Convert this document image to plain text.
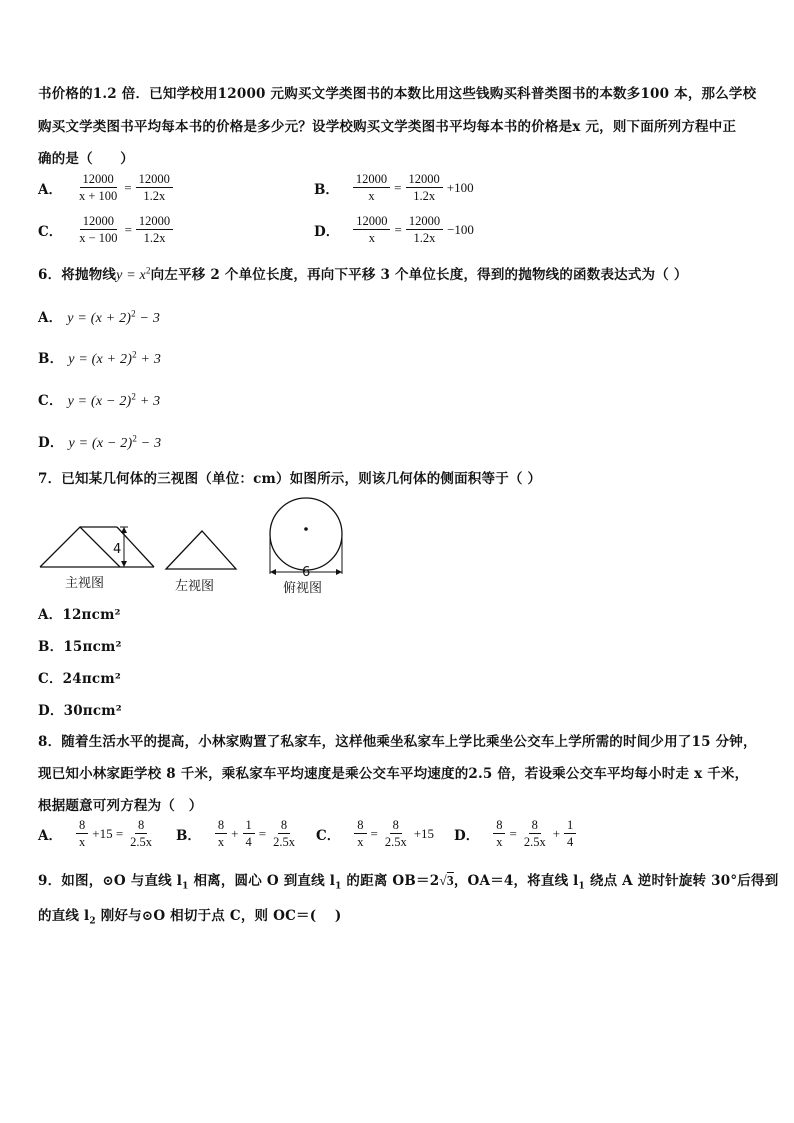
书价格的1.2 倍．已知学校用12000 元购买文学类图书的本数比用这些钱购买科普类图书的本数多100 本，那么学校
购买文学类图书平均每本书的价格是多少元？设学校购买文学类图书平均每本书的价格是x 元，则下面所列方程中正
确的是（　　）
A． $\frac{12000}{x + 100} = \frac{12000}{1.2x}$	B． $\frac{12000}{x} = \frac{12000}{1.2x} +100$
C． $\frac{12000}{x - 100} = \frac{12000}{1.2x}$	D． $\frac{12000}{x} = \frac{12000}{1.2x} -100$
6．将抛物线$y = x^2$向左平移 2 个单位长度，再向下平移 3 个单位长度，得到的抛物线的函数表达式为（ ）
A． $y = (x + 2)^2 - 3$
B． $y = (x + 2)^2 + 3$
C． $y = (x - 2)^2 + 3$
D． $y = (x - 2)^2 - 3$
7．已知某几何体的三视图（单位：cm）如图所示，则该几何体的侧面积等于（ ）
4
主视图	左视图
6
俯视图
A．12πcm²
B．15πcm²
C．24πcm²
D．30πcm²
8．随着生活水平的提高，小林家购置了私家车，这样他乘坐私家车上学比乘坐公交车上学所需的时间少用了15 分钟，
现已知小林家距学校 8 千米，乘私家车平均速度是乘公交车平均速度的2.5 倍，若设乘公交车平均每小时走 x 千米，
根据题意可列方程为（　）
A． $\frac{8}{x} +15 = \frac{8}{2.5x}$ B． $\frac{8}{x} + \frac{1}{4} = \frac{8}{2.5x}$ C． $\frac{8}{x} = \frac{8}{2.5x} +15$ D． $\frac{8}{x} = \frac{8}{2.5x} + \frac{1}{4}$
9．如图，⊙O 与直线 $l_1$ 相离，圆心 O 到直线 $l_1$ 的距离 OB＝2√3，OA＝4，将直线 $l_1$ 绕点 A 逆时针旋转 30°后得到
的直线 $l_2$ 刚好与⊙O 相切于点 C，则 OC＝(　 )
